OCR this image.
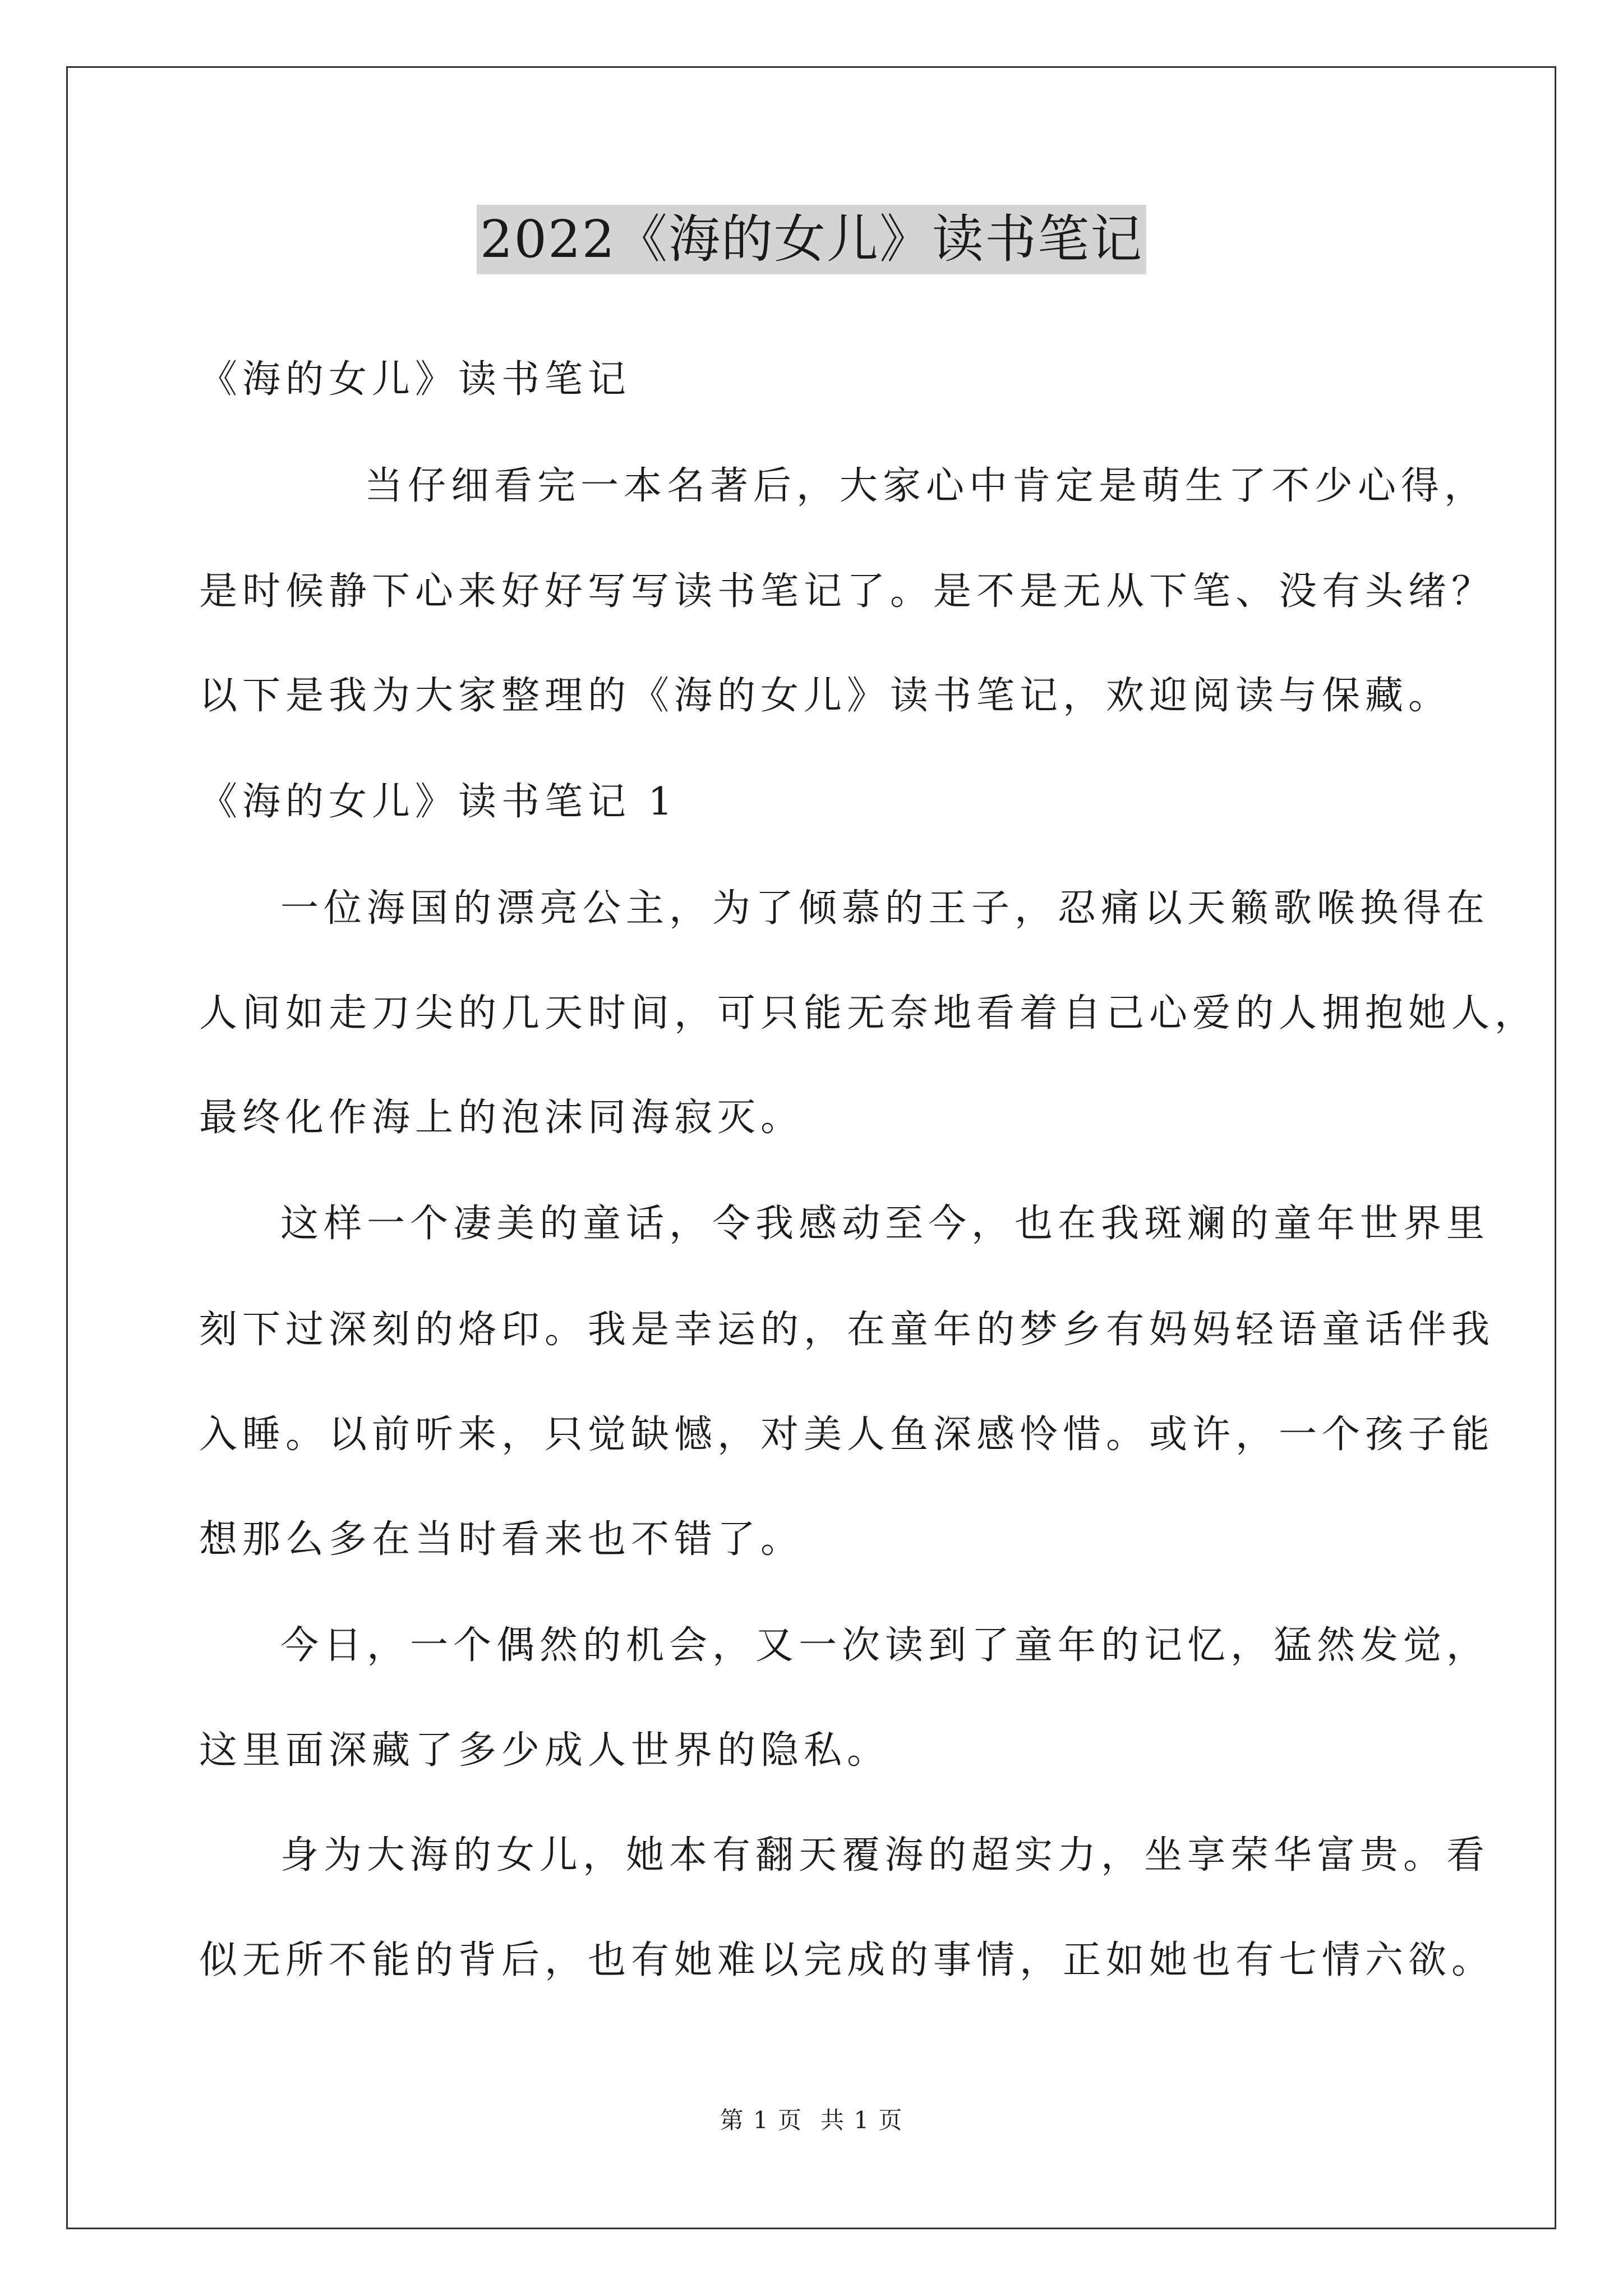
2022《海的女儿》读书笔记
《海的女儿》读书笔记
当仔细看完一本名著后，大家心中肯定是萌生了不少心得，
是时候静下心来好好写写读书笔记了。是不是无从下笔、没有头绪？
以下是我为大家整理的《海的女儿》读书笔记，欢迎阅读与保藏。
《海的女儿》读书笔记 1
一位海国的漂亮公主，为了倾慕的王子，忍痛以天籁歌喉换得在
人间如走刀尖的几天时间，可只能无奈地看着自己心爱的人拥抱她人，
最终化作海上的泡沫同海寂灭。
这样一个凄美的童话，令我感动至今，也在我斑斓的童年世界里
刻下过深刻的烙印。我是幸运的，在童年的梦乡有妈妈轻语童话伴我
入睡。以前听来，只觉缺憾，对美人鱼深感怜惜。或许，一个孩子能
想那么多在当时看来也不错了。
今日，一个偶然的机会，又一次读到了童年的记忆，猛然发觉，
这里面深藏了多少成人世界的隐私。
身为大海的女儿，她本有翻天覆海的超实力，坐享荣华富贵。看
似无所不能的背后，也有她难以完成的事情，正如她也有七情六欲。
第 1 页 共 1 页
